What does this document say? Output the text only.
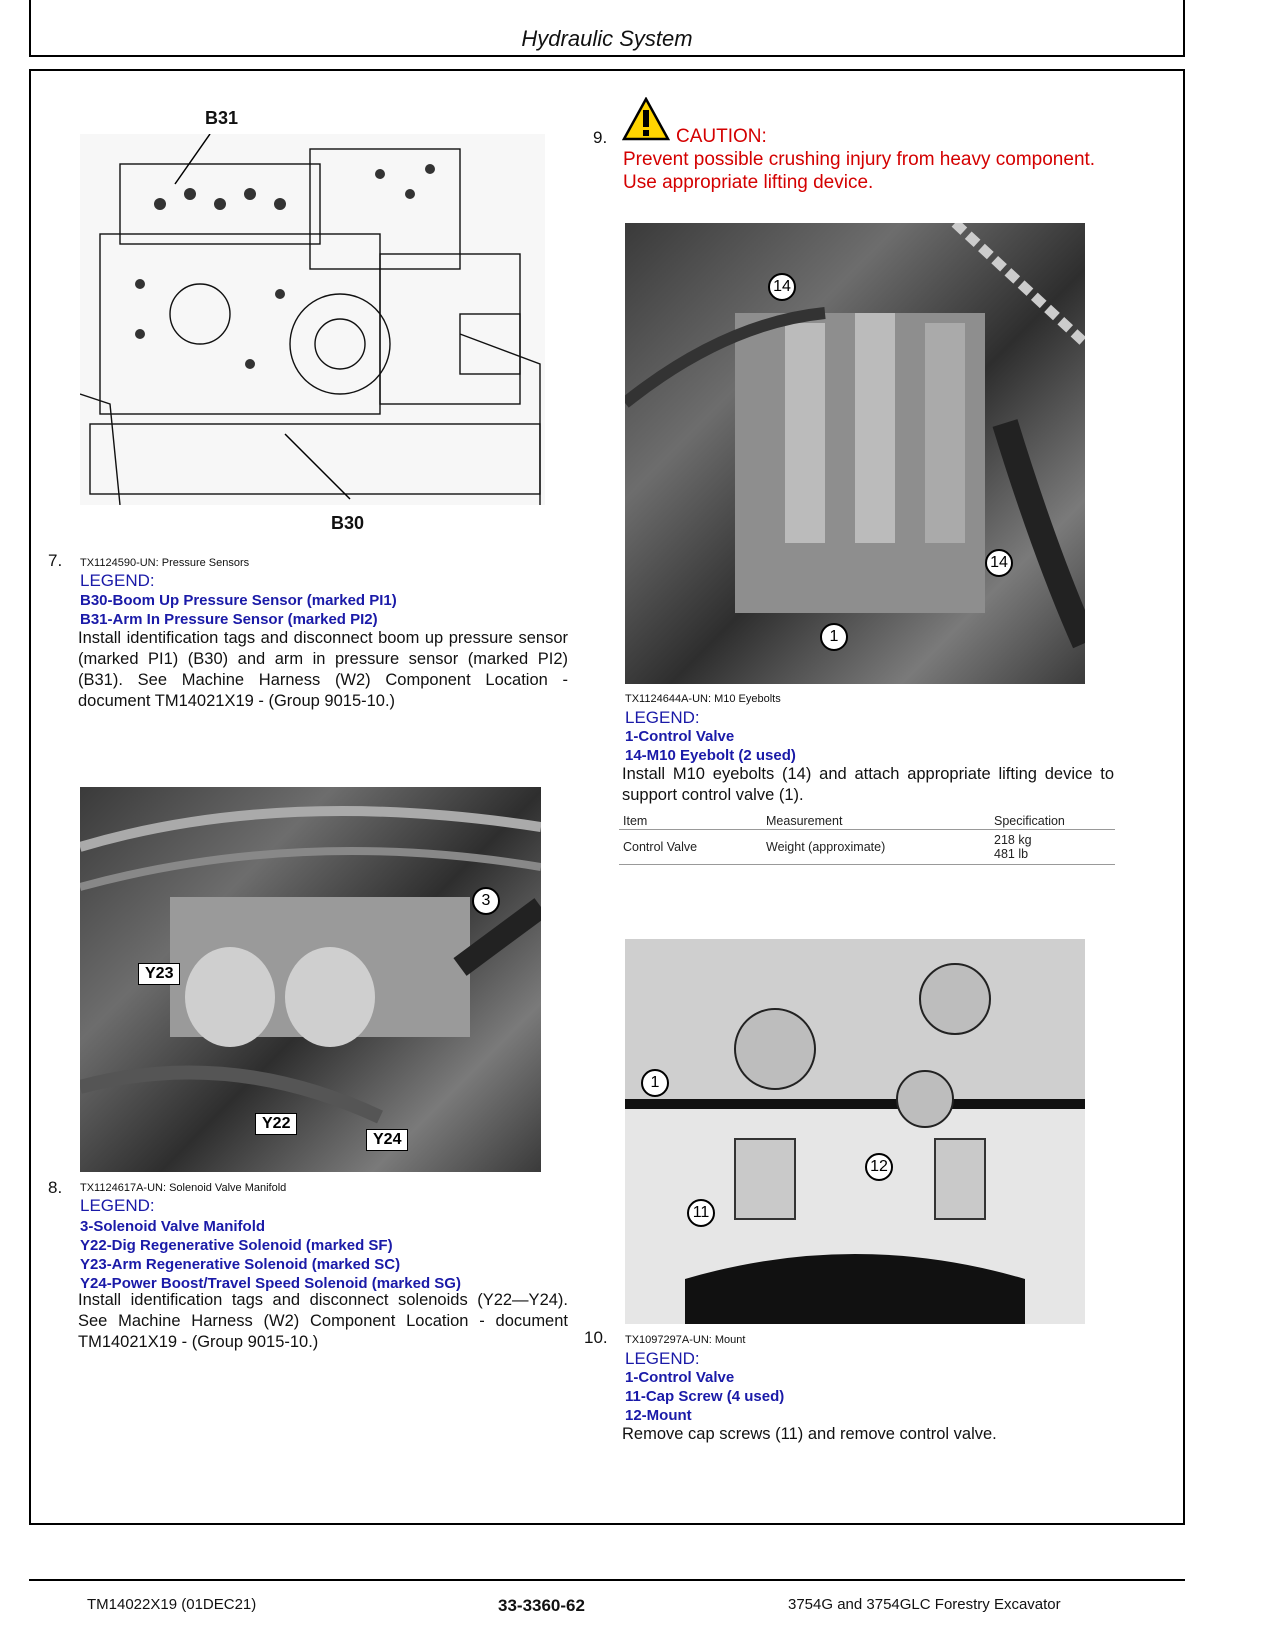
Hydraulic System
B31
B30
7. TX1124590-UN: Pressure Sensors
LEGEND:
B30-Boom Up Pressure Sensor (marked PI1)
B31-Arm In Pressure Sensor (marked PI2)
Install identification tags and disconnect boom up pressure sensor (marked PI1) (B30) and arm in pressure sensor (marked PI2) (B31). See Machine Harness (W2) Component Location - document TM14021X19 - (Group 9015-10.)
Y23
Y22
Y24
3
8. TX1124617A-UN: Solenoid Valve Manifold
LEGEND:
3-Solenoid Valve Manifold
Y22-Dig Regenerative Solenoid (marked SF)
Y23-Arm Regenerative Solenoid (marked SC)
Y24-Power Boost/Travel Speed Solenoid (marked SG)
Install identification tags and disconnect solenoids (Y22—Y24). See Machine Harness (W2) Component Location - document TM14021X19 - (Group 9015-10.)
9.	CAUTION:
Prevent possible crushing injury from heavy component.
Use appropriate lifting device.
14
14
1
TX1124644A-UN: M10 Eyebolts
LEGEND:
1-Control Valve
14-M10 Eyebolt (2 used)
Install M10 eyebolts (14) and attach appropriate lifting device to support control valve (1).
Item	Measurement	Specification
Control Valve	Weight (approximate)	218 kg
481 lb
1
12
11
10. TX1097297A-UN: Mount
LEGEND:
1-Control Valve
11-Cap Screw (4 used)
12-Mount
Remove cap screws (11) and remove control valve.
TM14022X19 (01DEC21)	33-3360-62	3754G and 3754GLC Forestry Excavator
